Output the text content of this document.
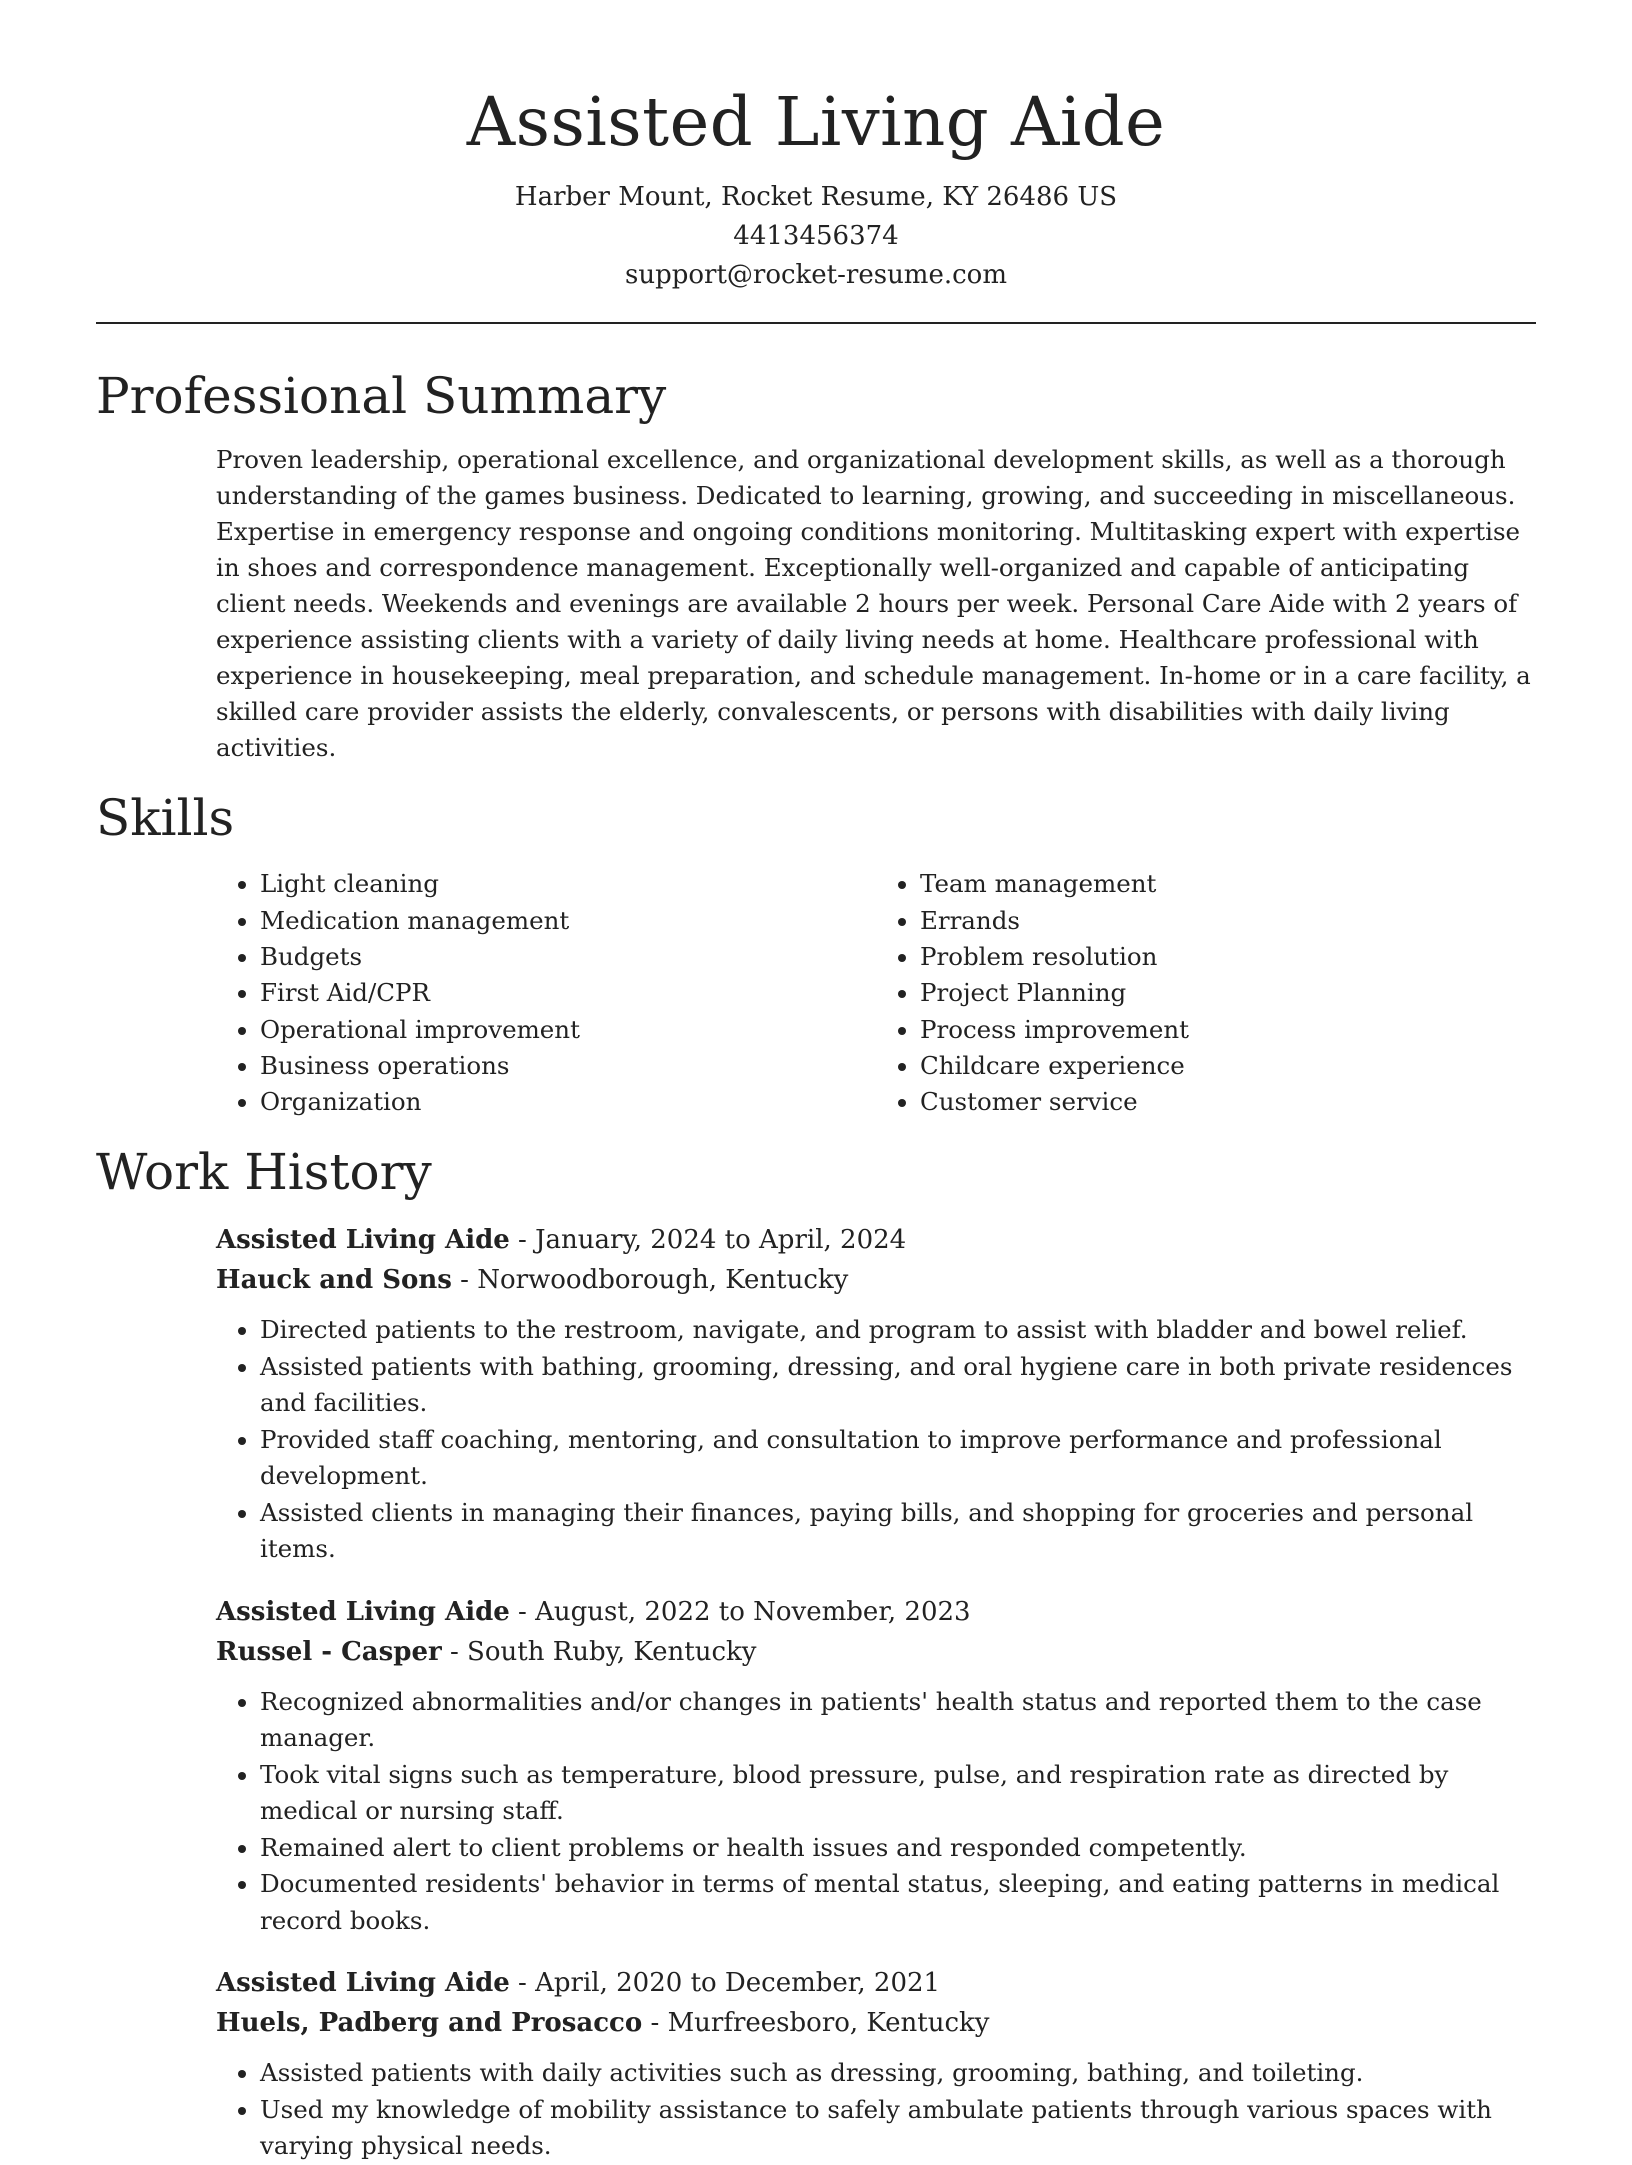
Assisted Living Aide
Harber Mount, Rocket Resume, KY 26486 US
4413456374
support@rocket-resume.com
Professional Summary

Proven leadership, operational excellence, and organizational development skills, as well as a thorough understanding of the games business. Dedicated to learning, growing, and succeeding in miscellaneous. Expertise in emergency response and ongoing conditions monitoring. Multitasking expert with expertise in shoes and correspondence management. Exceptionally well-organized and capable of anticipating client needs. Weekends and evenings are available 2 hours per week. Personal Care Aide with 2 years of experience assisting clients with a variety of daily living needs at home. Healthcare professional with experience in housekeeping, meal preparation, and schedule management. In-home or in a care facility, a skilled care provider assists the elderly, convalescents, or persons with disabilities with daily living activities.

Skills
• Light cleaning
• Medication management
• Budgets
• First Aid/CPR
• Operational improvement
• Business operations
• Organization
• Team management
• Errands
• Problem resolution
• Project Planning
• Process improvement
• Childcare experience
• Customer service
Work History
Assisted Living Aide - January, 2024 to April, 2024
Hauck and Sons - Norwoodborough, Kentucky
• Directed patients to the restroom, navigate, and program to assist with bladder and bowel relief.
• Assisted patients with bathing, grooming, dressing, and oral hygiene care in both private residences and facilities.
• Provided staff coaching, mentoring, and consultation to improve performance and professional development.
• Assisted clients in managing their finances, paying bills, and shopping for groceries and personal items.
Assisted Living Aide - August, 2022 to November, 2023
Russel - Casper - South Ruby, Kentucky
• Recognized abnormalities and/or changes in patients' health status and reported them to the case manager.
• Took vital signs such as temperature, blood pressure, pulse, and respiration rate as directed by medical or nursing staff.
• Remained alert to client problems or health issues and responded competently.
• Documented residents' behavior in terms of mental status, sleeping, and eating patterns in medical record books.
Assisted Living Aide - April, 2020 to December, 2021
Huels, Padberg and Prosacco - Murfreesboro, Kentucky
• Assisted patients with daily activities such as dressing, grooming, bathing, and toileting.
• Used my knowledge of mobility assistance to safely ambulate patients through various spaces with varying physical needs.
